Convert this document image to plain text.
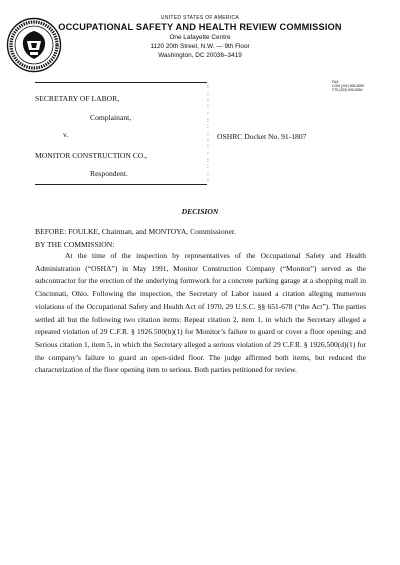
UNITED STATES OF AMERICA
OCCUPATIONAL SAFETY AND HEALTH REVIEW COMMISSION
One Lafayette Centre
1120 20th Street, N.W. — 9th Floor
Washington, DC 20036–3419
FAX:
COM (202) 606-5050
FTS (202) 606-5050
:
:
:
:
:
:
:
:
:
:
:
:
:
:
:

SECRETARY OF LABOR,
Complainant,
v.
MONITOR CONSTRUCTION CO.,
Respondent.
OSHRC Docket No. 91-1807
DECISION
BEFORE: FOULKE, Chairman, and MONTOYA, Commissioner.
BY THE COMMISSION:
At the time of the inspection by representatives of the Occupational Safety and Health Administration (“OSHA”) in May 1991, Monitor Construction Company (“Monitor”) served as the subcontractor for the erection of the underlying formwork for a concrete parking garage at a shopping mall in Cincinnati, Ohio. Following the inspection, the Secretary of Labor issued a citation alleging numerous violations of the Occupational Safety and Health Act of 1970, 29 U.S.C. §§ 651-678 (“the Act”). The parties settled all but the following two citation items: Repeat citation 2, item 1, in which the Secretary alleged a repeated violation of 29 C.F.R. § 1926.500(b)(1) for Monitor’s failure to guard or cover a floor opening; and Serious citation 1, item 5, in which the Secretary alleged a serious violation of 29 C.F.R. § 1926.500(d)(1) for the company’s failure to guard an open-sided floor. The judge affirmed both items, but reduced the characterization of the floor opening item to serious. Both parties petitioned for review.
